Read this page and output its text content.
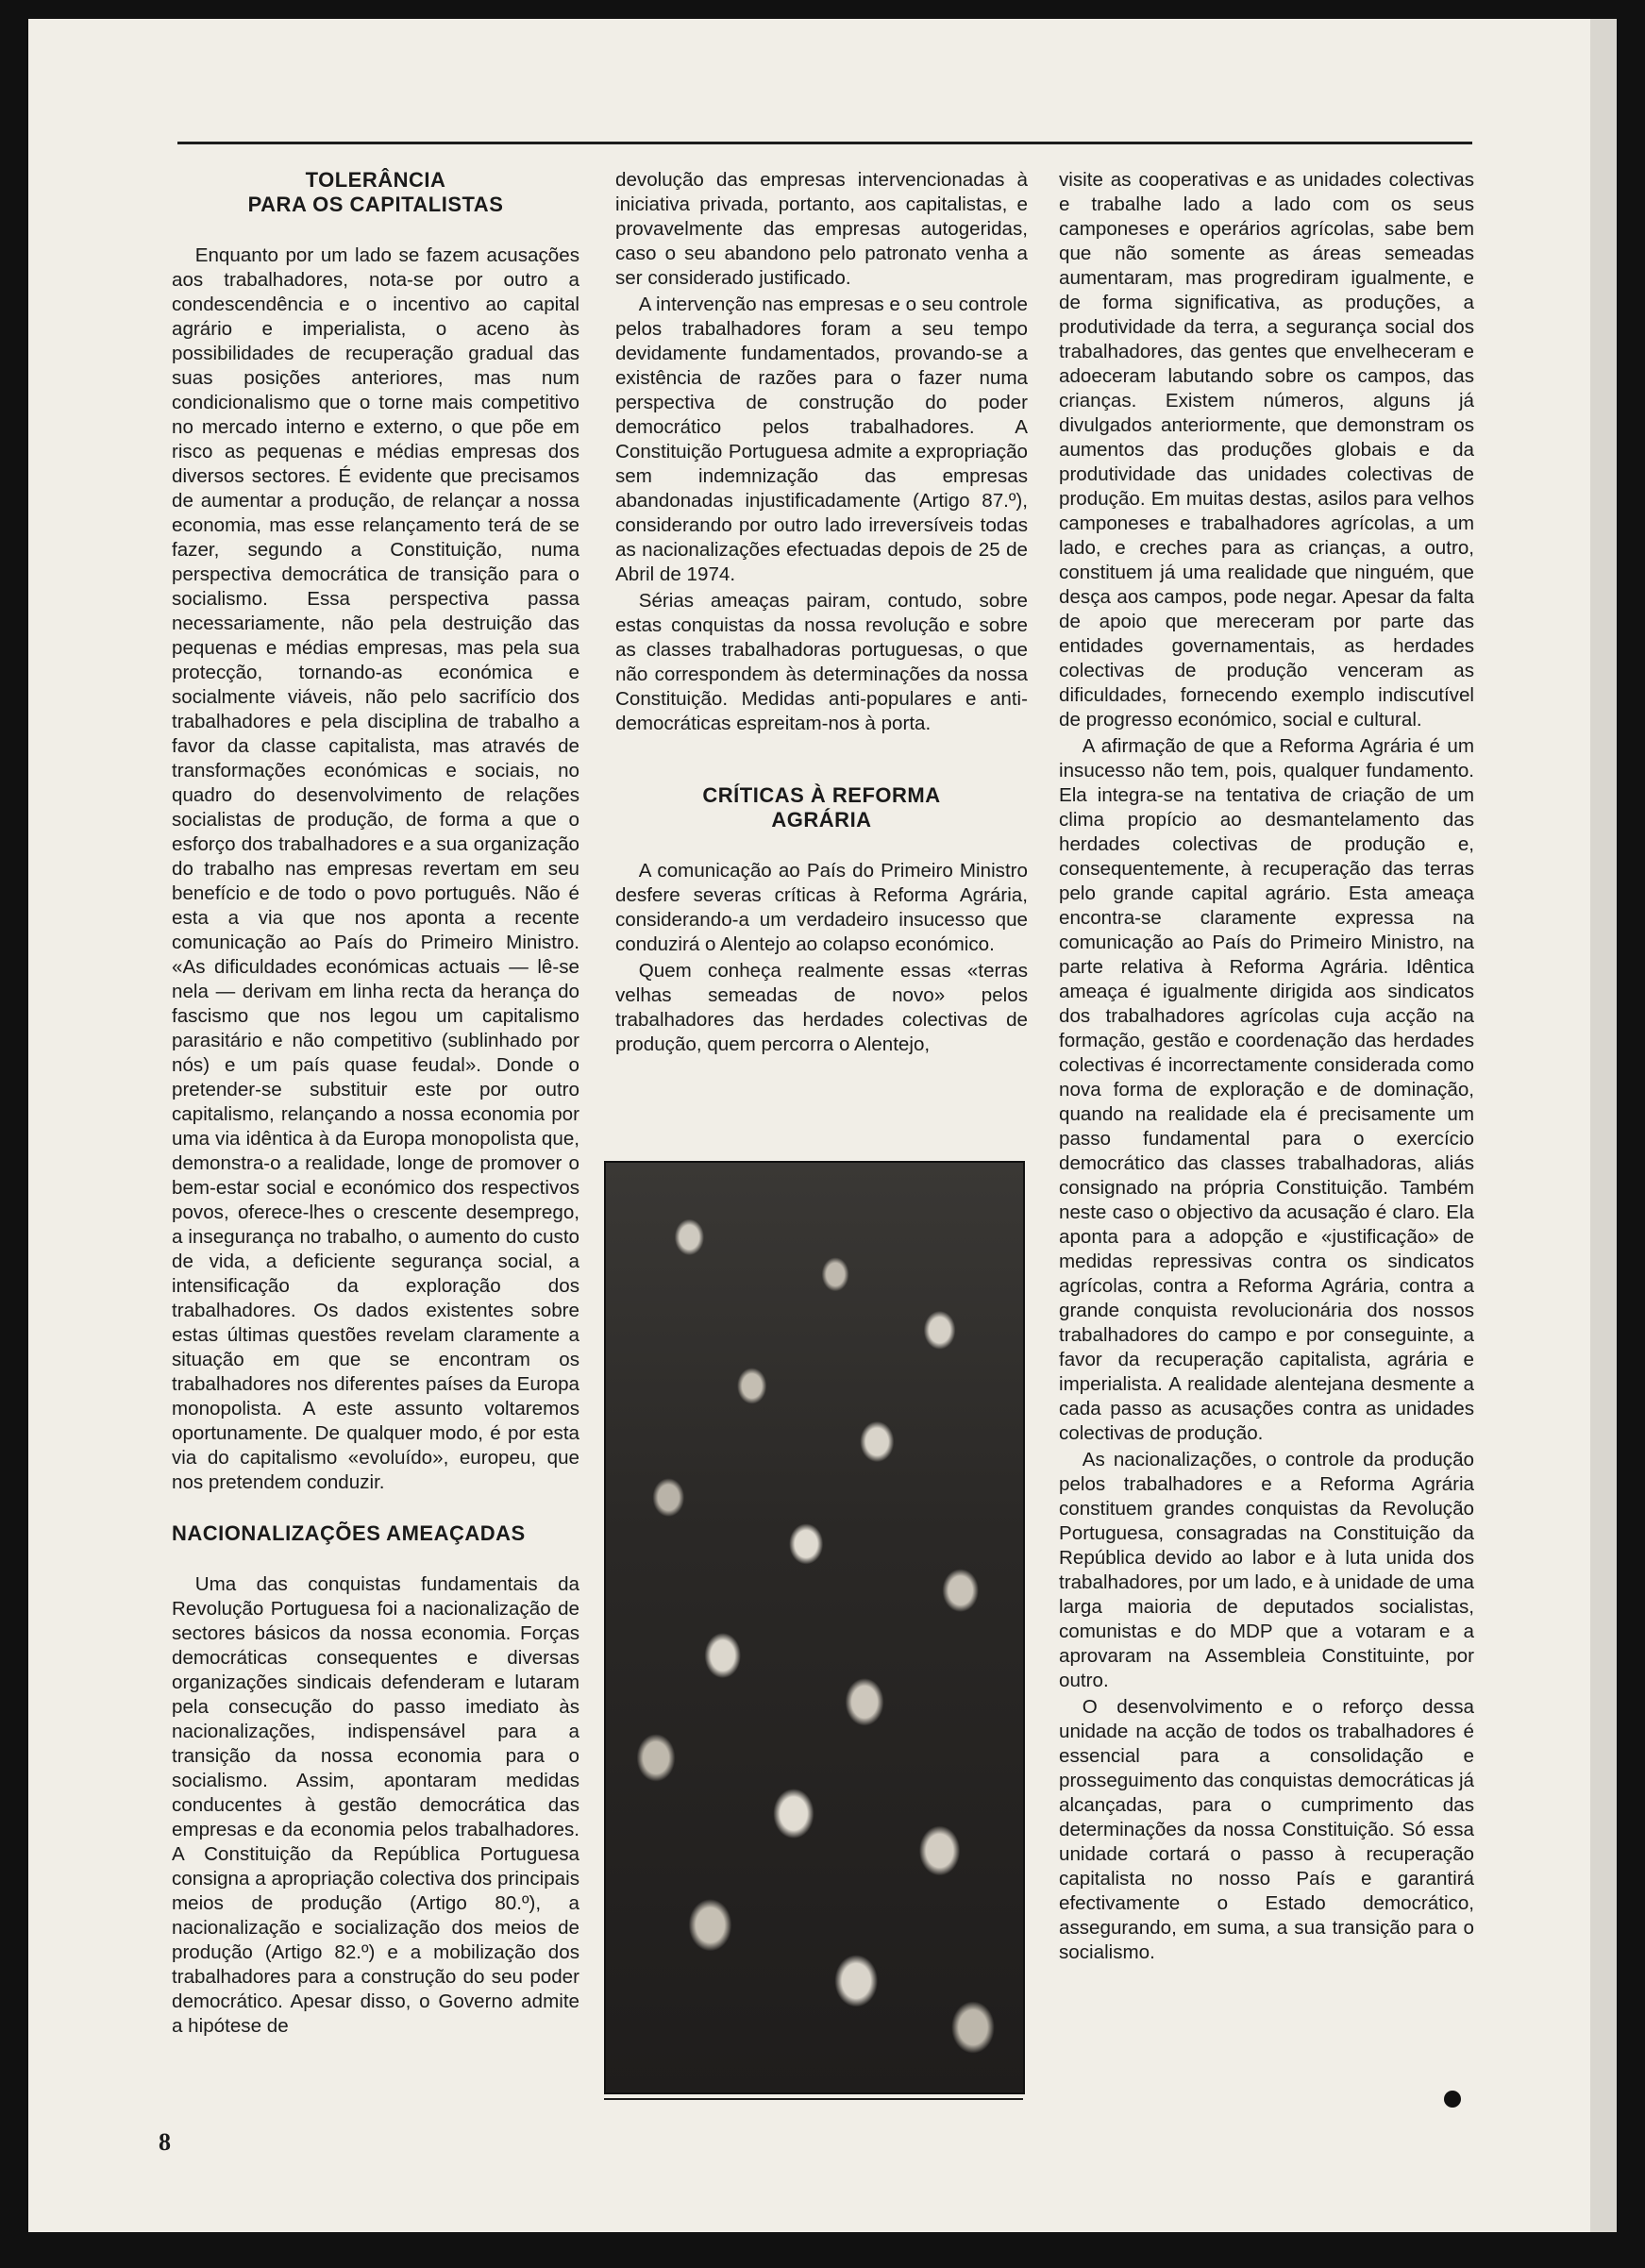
TOLERÂNCIA
PARA OS CAPITALISTAS

Enquanto por um lado se fazem acusações aos trabalhadores, nota-se por outro a condescendência e o incentivo ao capital agrário e imperialista, o aceno às possibilidades de recuperação gradual das suas posições anteriores, mas num condicionalismo que o torne mais competitivo no mercado interno e externo, o que põe em risco as pequenas e médias empresas dos diversos sectores. É evidente que precisamos de aumentar a produção, de relançar a nossa economia, mas esse relançamento terá de se fazer, segundo a Constituição, numa perspectiva democrática de transição para o socialismo. Essa perspectiva passa necessariamente, não pela destruição das pequenas e médias empresas, mas pela sua protecção, tornando-as económica e socialmente viáveis, não pelo sacrifício dos trabalhadores e pela disciplina de trabalho a favor da classe capitalista, mas através de transformações económicas e sociais, no quadro do desenvolvimento de relações socialistas de produção, de forma a que o esforço dos trabalhadores e a sua organização do trabalho nas empresas revertam em seu benefício e de todo o povo português. Não é esta a via que nos aponta a recente comunicação ao País do Primeiro Ministro. «As dificuldades económicas actuais — lê-se nela — derivam em linha recta da herança do fascismo que nos legou um capitalismo parasitário e não competitivo (sublinhado por nós) e um país quase feudal». Donde o pretender-se substituir este por outro capitalismo, relançando a nossa economia por uma via idêntica à da Europa monopolista que, demonstra-o a realidade, longe de promover o bem-estar social e económico dos respectivos povos, oferece-lhes o crescente desemprego, a insegurança no trabalho, o aumento do custo de vida, a deficiente segurança social, a intensificação da exploração dos trabalhadores. Os dados existentes sobre estas últimas questões revelam claramente a situação em que se encontram os trabalhadores nos diferentes países da Europa monopolista. A este assunto voltaremos oportunamente. De qualquer modo, é por esta via do capitalismo «evoluído», europeu, que nos pretendem conduzir.

NACIONALIZAÇÕES AMEAÇADAS

Uma das conquistas fundamentais da Revolução Portuguesa foi a nacionalização de sectores básicos da nossa economia. Forças democráticas consequentes e diversas organizações sindicais defenderam e lutaram pela consecução do passo imediato às nacionalizações, indispensável para a transição da nossa economia para o socialismo. Assim, apontaram medidas conducentes à gestão democrática das empresas e da economia pelos trabalhadores. A Constituição da República Portuguesa consigna a apropriação colectiva dos principais meios de produção (Artigo 80.º), a nacionalização e socialização dos meios de produção (Artigo 82.º) e a mobilização dos trabalhadores para a construção do seu poder democrático. Apesar disso, o Governo admite a hipótese de

devolução das empresas intervencionadas à iniciativa privada, portanto, aos capitalistas, e provavelmente das empresas autogeridas, caso o seu abandono pelo patronato venha a ser considerado justificado.

A intervenção nas empresas e o seu controle pelos trabalhadores foram a seu tempo devidamente fundamentados, provando-se a existência de razões para o fazer numa perspectiva de construção do poder democrático pelos trabalhadores. A Constituição Portuguesa admite a expropriação sem indemnização das empresas abandonadas injustificadamente (Artigo 87.º), considerando por outro lado irreversíveis todas as nacionalizações efectuadas depois de 25 de Abril de 1974.

Sérias ameaças pairam, contudo, sobre estas conquistas da nossa revolução e sobre as classes trabalhadoras portuguesas, o que não correspondem às determinações da nossa Constituição. Medidas anti-populares e anti-democráticas espreitam-nos à porta.

CRÍTICAS À REFORMA
AGRÁRIA

A comunicação ao País do Primeiro Ministro desfere severas críticas à Reforma Agrária, considerando-a um verdadeiro insucesso que conduzirá o Alentejo ao colapso económico.

Quem conheça realmente essas «terras velhas semeadas de novo» pelos trabalhadores das herdades colectivas de produção, quem percorra o Alentejo,

visite as cooperativas e as unidades colectivas e trabalhe lado a lado com os seus camponeses e operários agrícolas, sabe bem que não somente as áreas semeadas aumentaram, mas progrediram igualmente, e de forma significativa, as produções, a produtividade da terra, a segurança social dos trabalhadores, das gentes que envelheceram e adoeceram labutando sobre os campos, das crianças. Existem números, alguns já divulgados anteriormente, que demonstram os aumentos das produções globais e da produtividade das unidades colectivas de produção. Em muitas destas, asilos para velhos camponeses e trabalhadores agrícolas, a um lado, e creches para as crianças, a outro, constituem já uma realidade que ninguém, que desça aos campos, pode negar. Apesar da falta de apoio que mereceram por parte das entidades governamentais, as herdades colectivas de produção venceram as dificuldades, fornecendo exemplo indiscutível de progresso económico, social e cultural.

A afirmação de que a Reforma Agrária é um insucesso não tem, pois, qualquer fundamento. Ela integra-se na tentativa de criação de um clima propício ao desmantelamento das herdades colectivas de produção e, consequentemente, à recuperação das terras pelo grande capital agrário. Esta ameaça encontra-se claramente expressa na comunicação ao País do Primeiro Ministro, na parte relativa à Reforma Agrária. Idêntica ameaça é igualmente dirigida aos sindicatos dos trabalhadores agrícolas cuja acção na formação, gestão e coordenação das herdades colectivas é incorrectamente considerada como nova forma de exploração e de dominação, quando na realidade ela é precisamente um passo fundamental para o exercício democrático das classes trabalhadoras, aliás consignado na própria Constituição. Também neste caso o objectivo da acusação é claro. Ela aponta para a adopção e «justificação» de medidas repressivas contra os sindicatos agrícolas, contra a Reforma Agrária, contra a grande conquista revolucionária dos nossos trabalhadores do campo e por conseguinte, a favor da recuperação capitalista, agrária e imperialista. A realidade alentejana desmente a cada passo as acusações contra as unidades colectivas de produção.

As nacionalizações, o controle da produção pelos trabalhadores e a Reforma Agrária constituem grandes conquistas da Revolução Portuguesa, consagradas na Constituição da República devido ao labor e à luta unida dos trabalhadores, por um lado, e à unidade de uma larga maioria de deputados socialistas, comunistas e do MDP que a votaram e a aprovaram na Assembleia Constituinte, por outro.

O desenvolvimento e o reforço dessa unidade na acção de todos os trabalhadores é essencial para a consolidação e prosseguimento das conquistas democráticas já alcançadas, para o cumprimento das determinações da nossa Constituição. Só essa unidade cortará o passo à recuperação capitalista no nosso País e garantirá efectivamente o Estado democrático, assegurando, em suma, a sua transição para o socialismo.

8
